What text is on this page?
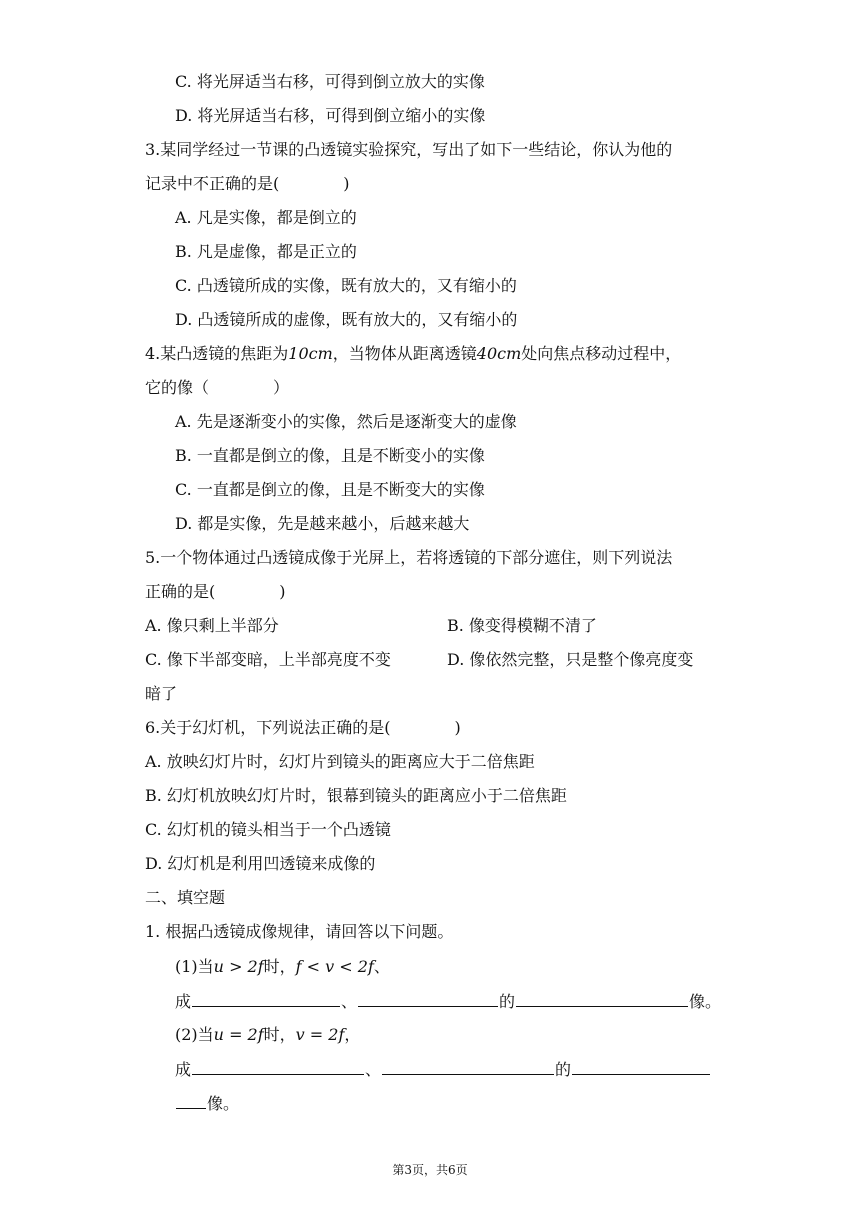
C. 将光屏适当右移，可得到倒立放大的实像
D. 将光屏适当右移，可得到倒立缩小的实像
3.某同学经过一节课的凸透镜实验探究，写出了如下一些结论，你认为他的
记录中不正确的是(	)
A. 凡是实像，都是倒立的
B. 凡是虚像，都是正立的
C. 凸透镜所成的实像，既有放大的，又有缩小的
D. 凸透镜所成的虚像，既有放大的，又有缩小的
4.某凸透镜的焦距为10cm，当物体从距离透镜40cm处向焦点移动过程中，
它的像（	）
A. 先是逐渐变小的实像，然后是逐渐变大的虚像
B. 一直都是倒立的像，且是不断变小的实像
C. 一直都是倒立的像，且是不断变大的实像
D. 都是实像，先是越来越小，后越来越大
5.一个物体通过凸透镜成像于光屏上，若将透镜的下部分遮住，则下列说法
正确的是(	)
A. 像只剩上半部分	B. 像变得模糊不清了
C. 像下半部变暗，上半部亮度不变	D. 像依然完整，只是整个像亮度变
暗了
6.关于幻灯机，下列说法正确的是(	)
A. 放映幻灯片时，幻灯片到镜头的距离应大于二倍焦距
B. 幻灯机放映幻灯片时，银幕到镜头的距离应小于二倍焦距
C. 幻灯机的镜头相当于一个凸透镜
D. 幻灯机是利用凹透镜来成像的
二、填空题
1. 根据凸透镜成像规律，请回答以下问题。
(1)当u > 2f时，f < v < 2f、
成	、	的	像。
(2)当u = 2f时，v = 2f，
成	、	的
像。
第3页，共6页
